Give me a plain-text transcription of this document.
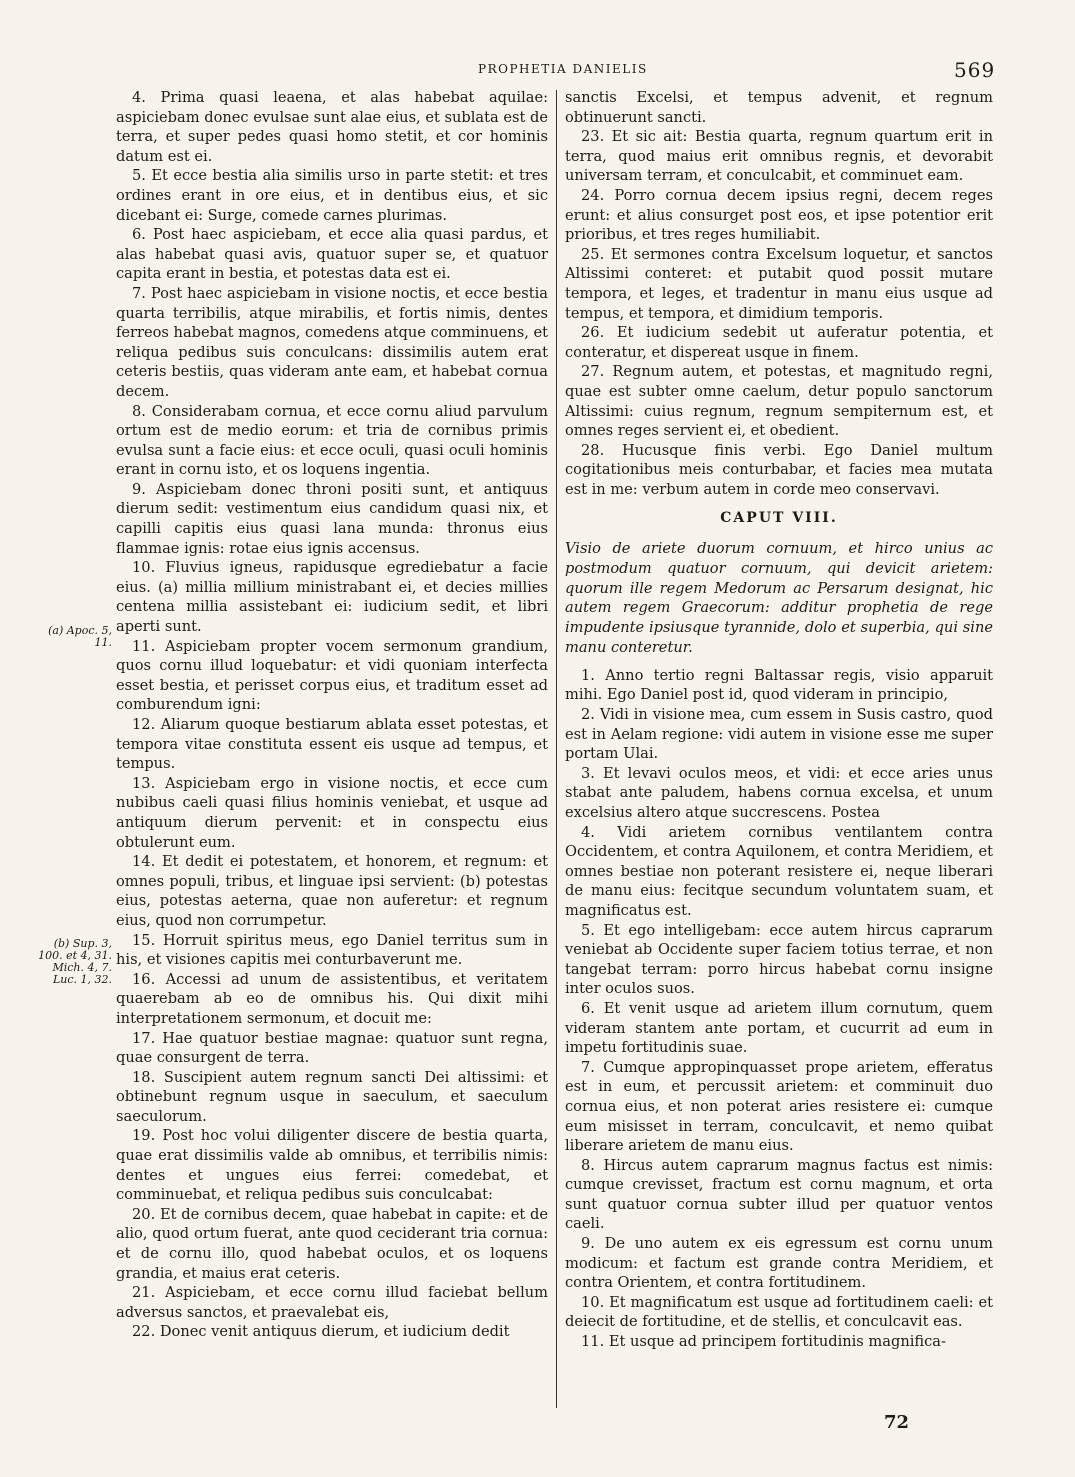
PROPHETIA DANIELIS	569
(a) Apoc. 5, 11.
(b) Sup. 3, 100. et 4, 31. Mich. 4, 7. Luc. 1, 32.

4. Prima quasi leaena, et alas habebat aquilae: aspiciebam donec evulsae sunt alae eius, et sublata est de terra, et super pedes quasi homo stetit, et cor hominis datum est ei.

5. Et ecce bestia alia similis urso in parte stetit: et tres ordines erant in ore eius, et in dentibus eius, et sic dicebant ei: Surge, comede carnes plurimas.

6. Post haec aspiciebam, et ecce alia quasi pardus, et alas habebat quasi avis, quatuor super se, et quatuor capita erant in bestia, et potestas data est ei.

7. Post haec aspiciebam in visione noctis, et ecce bestia quarta terribilis, atque mirabilis, et fortis nimis, dentes ferreos habebat magnos, comedens atque comminuens, et reliqua pedibus suis conculcans: dissimilis autem erat ceteris bestiis, quas videram ante eam, et habebat cornua decem.

8. Considerabam cornua, et ecce cornu aliud parvulum ortum est de medio eorum: et tria de cornibus primis evulsa sunt a facie eius: et ecce oculi, quasi oculi hominis erant in cornu isto, et os loquens ingentia.

9. Aspiciebam donec throni positi sunt, et antiquus dierum sedit: vestimentum eius candidum quasi nix, et capilli capitis eius quasi lana munda: thronus eius flammae ignis: rotae eius ignis accensus.

10. Fluvius igneus, rapidusque egrediebatur a facie eius. (a) millia millium ministrabant ei, et decies millies centena millia assistebant ei: iudicium sedit, et libri aperti sunt.

11. Aspiciebam propter vocem sermonum grandium, quos cornu illud loquebatur: et vidi quoniam interfecta esset bestia, et perisset corpus eius, et traditum esset ad comburendum igni:

12. Aliarum quoque bestiarum ablata esset potestas, et tempora vitae constituta essent eis usque ad tempus, et tempus.

13. Aspiciebam ergo in visione noctis, et ecce cum nubibus caeli quasi filius hominis veniebat, et usque ad antiquum dierum pervenit: et in conspectu eius obtulerunt eum.

14. Et dedit ei potestatem, et honorem, et regnum: et omnes populi, tribus, et linguae ipsi servient: (b) potestas eius, potestas aeterna, quae non auferetur: et regnum eius, quod non corrumpetur.

15. Horruit spiritus meus, ego Daniel territus sum in his, et visiones capitis mei conturbaverunt me.

16. Accessi ad unum de assistentibus, et veritatem quaerebam ab eo de omnibus his. Qui dixit mihi interpretationem sermonum, et docuit me:

17. Hae quatuor bestiae magnae: quatuor sunt regna, quae consurgent de terra.

18. Suscipient autem regnum sancti Dei altissimi: et obtinebunt regnum usque in saeculum, et saeculum saeculorum.

19. Post hoc volui diligenter discere de bestia quarta, quae erat dissimilis valde ab omnibus, et terribilis nimis: dentes et ungues eius ferrei: comedebat, et comminuebat, et reliqua pedibus suis conculcabat:

20. Et de cornibus decem, quae habebat in capite: et de alio, quod ortum fuerat, ante quod ceciderant tria cornua: et de cornu illo, quod habebat oculos, et os loquens grandia, et maius erat ceteris.

21. Aspiciebam, et ecce cornu illud faciebat bellum adversus sanctos, et praevalebat eis,

22. Donec venit antiquus dierum, et iudicium dedit

sanctis Excelsi, et tempus advenit, et regnum obtinuerunt sancti.

23. Et sic ait: Bestia quarta, regnum quartum erit in terra, quod maius erit omnibus regnis, et devorabit universam terram, et conculcabit, et comminuet eam.

24. Porro cornua decem ipsius regni, decem reges erunt: et alius consurget post eos, et ipse potentior erit prioribus, et tres reges humiliabit.

25. Et sermones contra Excelsum loquetur, et sanctos Altissimi conteret: et putabit quod possit mutare tempora, et leges, et tradentur in manu eius usque ad tempus, et tempora, et dimidium temporis.

26. Et iudicium sedebit ut auferatur potentia, et conteratur, et dispereat usque in finem.

27. Regnum autem, et potestas, et magnitudo regni, quae est subter omne caelum, detur populo sanctorum Altissimi: cuius regnum, regnum sempiternum est, et omnes reges servient ei, et obedient.

28. Hucusque finis verbi. Ego Daniel multum cogitationibus meis conturbabar, et facies mea mutata est in me: verbum autem in corde meo conservavi.

CAPUT VIII.

Visio de ariete duorum cornuum, et hirco unius ac postmodum quatuor cornuum, qui devicit arietem: quorum ille regem Medorum ac Persarum designat, hic autem regem Graecorum: additur prophetia de rege impudente ipsiusque tyrannide, dolo et superbia, qui sine manu conteretur.

1. Anno tertio regni Baltassar regis, visio apparuit mihi. Ego Daniel post id, quod videram in principio,

2. Vidi in visione mea, cum essem in Susis castro, quod est in Aelam regione: vidi autem in visione esse me super portam Ulai.

3. Et levavi oculos meos, et vidi: et ecce aries unus stabat ante paludem, habens cornua excelsa, et unum excelsius altero atque succrescens. Postea

4. Vidi arietem cornibus ventilantem contra Occidentem, et contra Aquilonem, et contra Meridiem, et omnes bestiae non poterant resistere ei, neque liberari de manu eius: fecitque secundum voluntatem suam, et magnificatus est.

5. Et ego intelligebam: ecce autem hircus caprarum veniebat ab Occidente super faciem totius terrae, et non tangebat terram: porro hircus habebat cornu insigne inter oculos suos.

6. Et venit usque ad arietem illum cornutum, quem videram stantem ante portam, et cucurrit ad eum in impetu fortitudinis suae.

7. Cumque appropinquasset prope arietem, efferatus est in eum, et percussit arietem: et comminuit duo cornua eius, et non poterat aries resistere ei: cumque eum misisset in terram, conculcavit, et nemo quibat liberare arietem de manu eius.

8. Hircus autem caprarum magnus factus est nimis: cumque crevisset, fractum est cornu magnum, et orta sunt quatuor cornua subter illud per quatuor ventos caeli.

9. De uno autem ex eis egressum est cornu unum modicum: et factum est grande contra Meridiem, et contra Orientem, et contra fortitudinem.

10. Et magnificatum est usque ad fortitudinem caeli: et deiecit de fortitudine, et de stellis, et conculcavit eas.

11. Et usque ad principem fortitudinis magnifica-

72
